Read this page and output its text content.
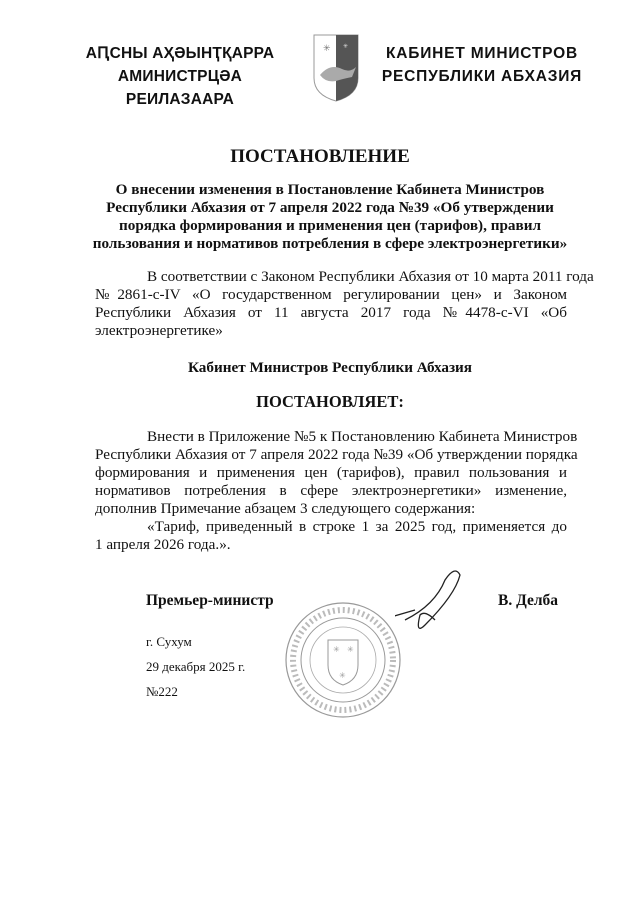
АԤСНЫ АҲӘЫНҬҚАРРА
АМИНИСТРЦӘА РЕИЛАЗААРА
✳ ✳	КАБИНЕТ МИНИСТРОВ
РЕСПУБЛИКИ АБХАЗИЯ
ПОСТАНОВЛЕНИЕ
О внесении изменения в Постановление Кабинета Министров
Республики Абхазия от 7 апреля 2022 года №39 «Об утверждении
порядка формирования и применения цен (тарифов), правил
пользования и нормативов потребления в сфере электроэнергетики»
В соответствии с Законом Республики Абхазия от 10 марта 2011 года
№2861-с-IV «О государственном регулировании цен» и Законом
Республики Абхазия от 11 августа 2017 года №4478-с-VI «Об
электроэнергетике»
Кабинет Министров Республики Абхазия
ПОСТАНОВЛЯЕТ:
Внести в Приложение №5 к Постановлению Кабинета Министров
Республики Абхазия от 7 апреля 2022 года №39 «Об утверждении порядка
формирования и применения цен (тарифов), правил пользования и
нормативов потребления в сфере электроэнергетики» изменение,
дополнив Примечание абзацем 3 следующего содержания:
«Тариф, приведенный в строке 1 за 2025 год, применяется до
1 апреля 2026 года.».
✳ ✳
✳
Премьер-министр	В. Делба
г. Сухум
29 декабря 2025 г.
№222
